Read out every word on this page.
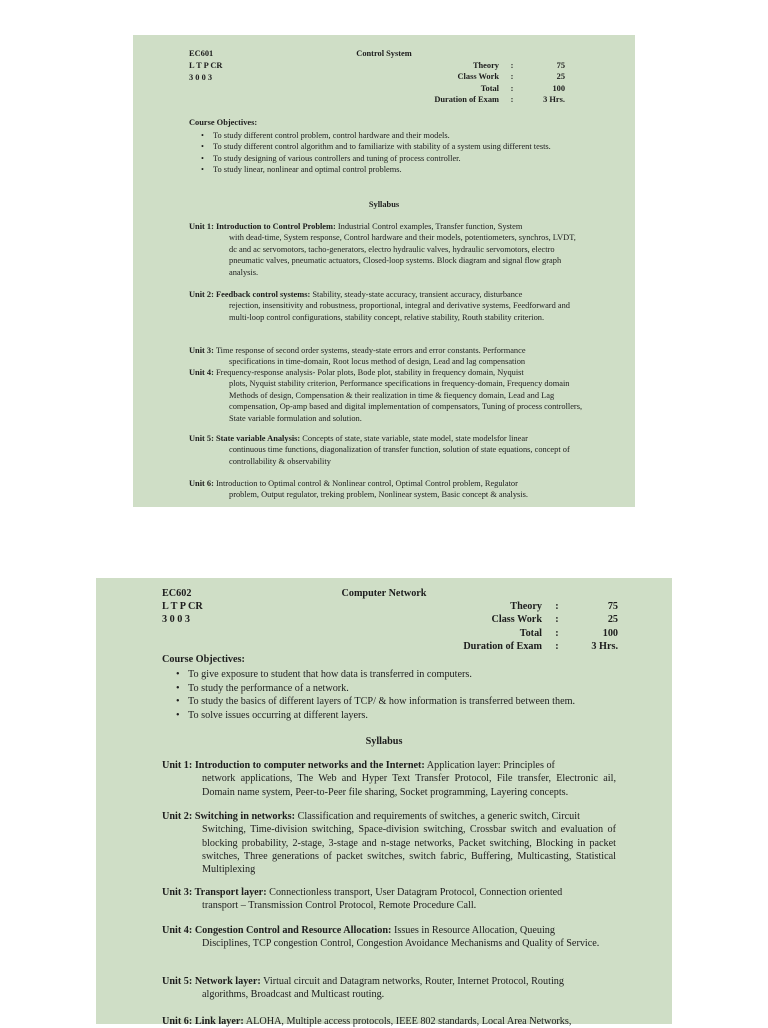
EC601
L T P CR
3 0 0 3
Control System
Theory	:	75
Class Work	:	25
Total	:	100
Duration of Exam	:	3 Hrs.
Course Objectives:
• To study different control problem, control hardware and their models.
• To study different control algorithm and to familiarize with stability of a system using different tests.
• To study designing of various controllers and tuning of process controller.
• To study linear, nonlinear and optimal control problems.
Syllabus
Unit 1: Introduction to Control Problem: Industrial Control examples, Transfer function, System
with dead-time, System response, Control hardware and their models, potentiometers, synchros, LVDT, dc and ac servomotors, tacho-generators, electro hydraulic valves, hydraulic servomotors, electro pneumatic valves, pneumatic actuators, Closed-loop systems. Block diagram and signal flow graph analysis.
Unit 2: Feedback control systems: Stability, steady-state accuracy, transient accuracy, disturbance
rejection, insensitivity and robustness, proportional, integral and derivative systems, Feedforward and multi-loop control configurations, stability concept, relative stability, Routh stability criterion.
Unit 3: Time response of second order systems, steady-state errors and error constants. Performance
specifications in time-domain, Root locus method of design, Lead and lag compensation
Unit 4: Frequency-response analysis- Polar plots, Bode plot, stability in frequency domain, Nyquist
plots, Nyquist stability criterion, Performance specifications in frequency-domain, Frequency domain Methods of design, Compensation & their realization in time & fiequency domain, Lead and Lag compensation, Op-amp based and digital implementation of compensators, Tuning of process controllers, State variable formulation and solution.
Unit 5: State variable Analysis: Concepts of state, state variable, state model, state modelsfor linear
continuous time functions, diagonalization of transfer function, solution of state equations, concept of controllability & observability
Unit 6: Introduction to Optimal control & Nonlinear control, Optimal Control problem, Regulator
problem, Output regulator, treking problem, Nonlinear system, Basic concept & analysis.
EC602
L T P CR
3 0 0 3
Computer Network
Theory	:	75
Class Work	:	25
Total	:	100
Duration of Exam	:	3 Hrs.
Course Objectives:
• To give exposure to student that how data is transferred in computers.
• To study the performance of a network.
• To study the basics of different layers of TCP/ & how information is transferred between them.
• To solve issues occurring at different layers.
Syllabus
Unit 1: Introduction to computer networks and the Internet: Application layer: Principles of
network applications, The Web and Hyper Text Transfer Protocol, File transfer, Electronic ail, Domain name system, Peer-to-Peer file sharing, Socket programming, Layering concepts.
Unit 2: Switching in networks: Classification and requirements of switches, a generic switch, Circuit
Switching, Time-division switching, Space-division switching, Crossbar switch and evaluation of blocking probability, 2-stage, 3-stage and n-stage networks, Packet switching, Blocking in packet switches, Three generations of packet switches, switch fabric, Buffering, Multicasting, Statistical Multiplexing
Unit 3: Transport layer: Connectionless transport, User Datagram Protocol, Connection oriented
transport – Transmission Control Protocol, Remote Procedure Call.
Unit 4: Congestion Control and Resource Allocation: Issues in Resource Allocation, Queuing
Disciplines, TCP congestion Control, Congestion Avoidance Mechanisms and Quality of Service.
Unit 5: Network layer: Virtual circuit and Datagram networks, Router, Internet Protocol, Routing
algorithms, Broadcast and Multicast routing.
Unit 6: Link layer: ALOHA, Multiple access protocols, IEEE 802 standards, Local Area Networks,
